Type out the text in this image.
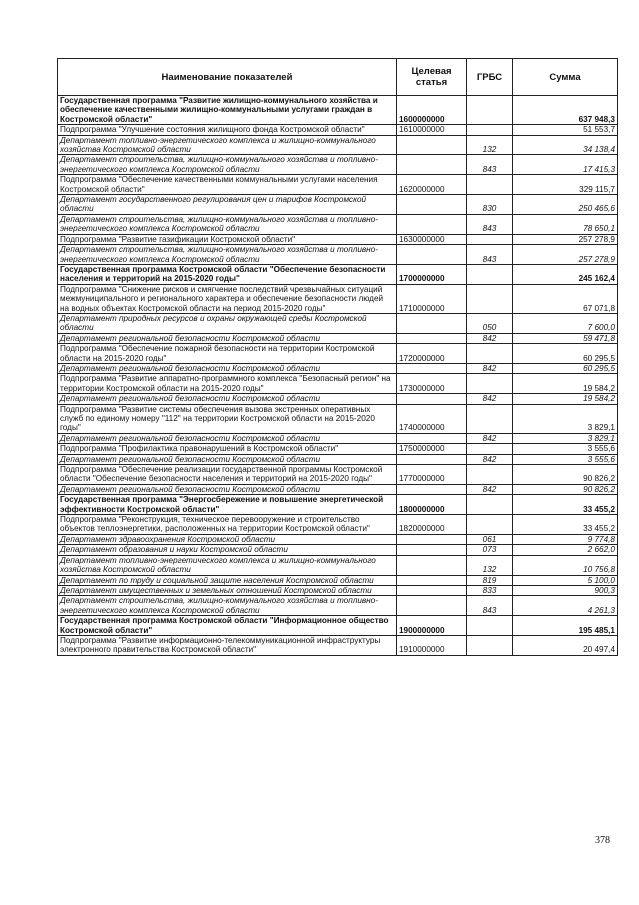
Наименование показателей	Целевая статья	ГРБС	Сумма
Государственная программа "Развитие жилищно-коммунального хозяйства и обеспечение качественными жилищно-коммунальными услугами граждан в Костромской области"	1600000000		637 948,3
Подпрограмма "Улучшение состояния жилищного фонда Костромской области"	1610000000		51 553,7
Департамент топливно-энергетического комплекса и жилищно-коммунального хозяйства Костромской области		132	34 138,4
Департамент строительства, жилищно-коммунального хозяйства и топливно-энергетического комплекса Костромской области		843	17 415,3
Подпрограмма "Обеспечение качественными коммунальными услугами населения Костромской области"	1620000000		329 115,7
Департамент государственного регулирования цен и тарифов Костромской области		830	250 465,6
Департамент строительства, жилищно-коммунального хозяйства и топливно-энергетического комплекса Костромской области		843	78 650,1
Подпрограмма "Развитие газификации Костромской области"	1630000000		257 278,9
Департамент строительства, жилищно-коммунального хозяйства и топливно-энергетического комплекса Костромской области		843	257 278,9
Государственная программа Костромской области "Обеспечение безопасности населения и территорий на 2015-2020 годы"	1700000000		245 162,4
Подпрограмма "Снижение рисков и смягчение последствий чрезвычайных ситуаций межмуниципального и регионального характера и обеспечение безопасности людей на водных объектах Костромской области на период 2015-2020 годы"	1710000000		67 071,8
Департамент природных ресурсов и охраны окружающей среды Костромской области		050	7 600,0
Департамент региональной безопасности Костромской области		842	59 471,8
Подпрограмма "Обеспечение пожарной безопасности на территории Костромской области на 2015-2020 годы"	1720000000		60 295,5
Департамент региональной безопасности Костромской области		842	60 295,5
Подпрограмма "Развитие аппаратно-программного комплекса "Безопасный регион" на территории Костромской области на 2015-2020 годы"	1730000000		19 584,2
Департамент региональной безопасности Костромской области		842	19 584,2
Подпрограмма "Развитие системы обеспечения вызова экстренных оперативных служб по единому номеру "112" на территории Костромской области на 2015-2020 годы"	1740000000		3 829,1
Департамент региональной безопасности Костромской области		842	3 829,1
Подпрограмма "Профилактика правонарушений в Костромской области"	1750000000		3 555,6
Департамент региональной безопасности Костромской области		842	3 555,6
Подпрограмма "Обеспечение реализации государственной программы Костромской области "Обеспечение безопасности населения и территорий на 2015-2020 годы"	1770000000		90 826,2
Департамент региональной безопасности Костромской области		842	90 826,2
Государственная программа "Энергосбережение и повышение энергетической эффективности Костромской области"	1800000000		33 455,2
Подпрограмма "Реконструкция, техническое перевооружение и строительство объектов теплоэнергетики, расположенных на территории Костромской области"	1820000000		33 455,2
Департамент здравоохранения Костромской области		061	9 774,8
Департамент образования и науки Костромской области		073	2 662,0
Департамент топливно-энергетического комплекса и жилищно-коммунального хозяйства Костромской области		132	10 756,8
Департамент по труду и социальной защите населения Костромской области		819	5 100,0
Департамент имущественных и земельных отношений Костромской области		833	900,3
Департамент строительства, жилищно-коммунального хозяйства и топливно-энергетического комплекса Костромской области		843	4 261,3
Государственная программа Костромской области "Информационное общество Костромской области"	1900000000		195 485,1
Подпрограмма "Развитие информационно-телекоммуникационной инфраструктуры электронного правительства Костромской области"	1910000000		20 497,4
378
